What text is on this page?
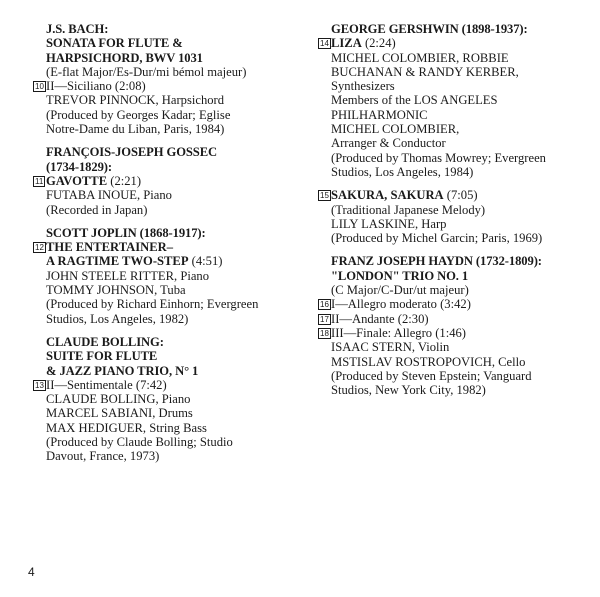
J.S. BACH:
SONATA FOR FLUTE &
HARPSICHORD, BWV 1031
(E-flat Major/Es-Dur/mi bémol majeur)
10 II—Siciliano (2:08)
TREVOR PINNOCK, Harpsichord
(Produced by Georges Kadar; Eglise
Notre-Dame du Liban, Paris, 1984)
FRANÇOIS-JOSEPH GOSSEC
(1734-1829):
11 GAVOTTE (2:21)
FUTABA INOUE, Piano
(Recorded in Japan)
SCOTT JOPLIN (1868-1917):
12 THE ENTERTAINER–
A RAGTIME TWO-STEP (4:51)
JOHN STEELE RITTER, Piano
TOMMY JOHNSON, Tuba
(Produced by Richard Einhorn; Evergreen
Studios, Los Angeles, 1982)
CLAUDE BOLLING:
SUITE FOR FLUTE
& JAZZ PIANO TRIO, N° 1
13 II—Sentimentale (7:42)
CLAUDE BOLLING, Piano
MARCEL SABIANI, Drums
MAX HEDIGUER, String Bass
(Produced by Claude Bolling; Studio
Davout, France, 1973)
GEORGE GERSHWIN (1898-1937):
14 LIZA (2:24)
MICHEL COLOMBIER, ROBBIE
BUCHANAN & RANDY KERBER,
Synthesizers
Members of the LOS ANGELES
PHILHARMONIC
MICHEL COLOMBIER,
Arranger & Conductor
(Produced by Thomas Mowrey; Evergreen
Studios, Los Angeles, 1984)
15 SAKURA, SAKURA (7:05)
(Traditional Japanese Melody)
LILY LASKINE, Harp
(Produced by Michel Garcin; Paris, 1969)
FRANZ JOSEPH HAYDN (1732-1809):
"LONDON" TRIO NO. 1
(C Major/C-Dur/ut majeur)
16 I—Allegro moderato (3:42)
17 II—Andante (2:30)
18 III—Finale: Allegro (1:46)
ISAAC STERN, Violin
MSTISLAV ROSTROPOVICH, Cello
(Produced by Steven Epstein; Vanguard
Studios, New York City, 1982)
4
